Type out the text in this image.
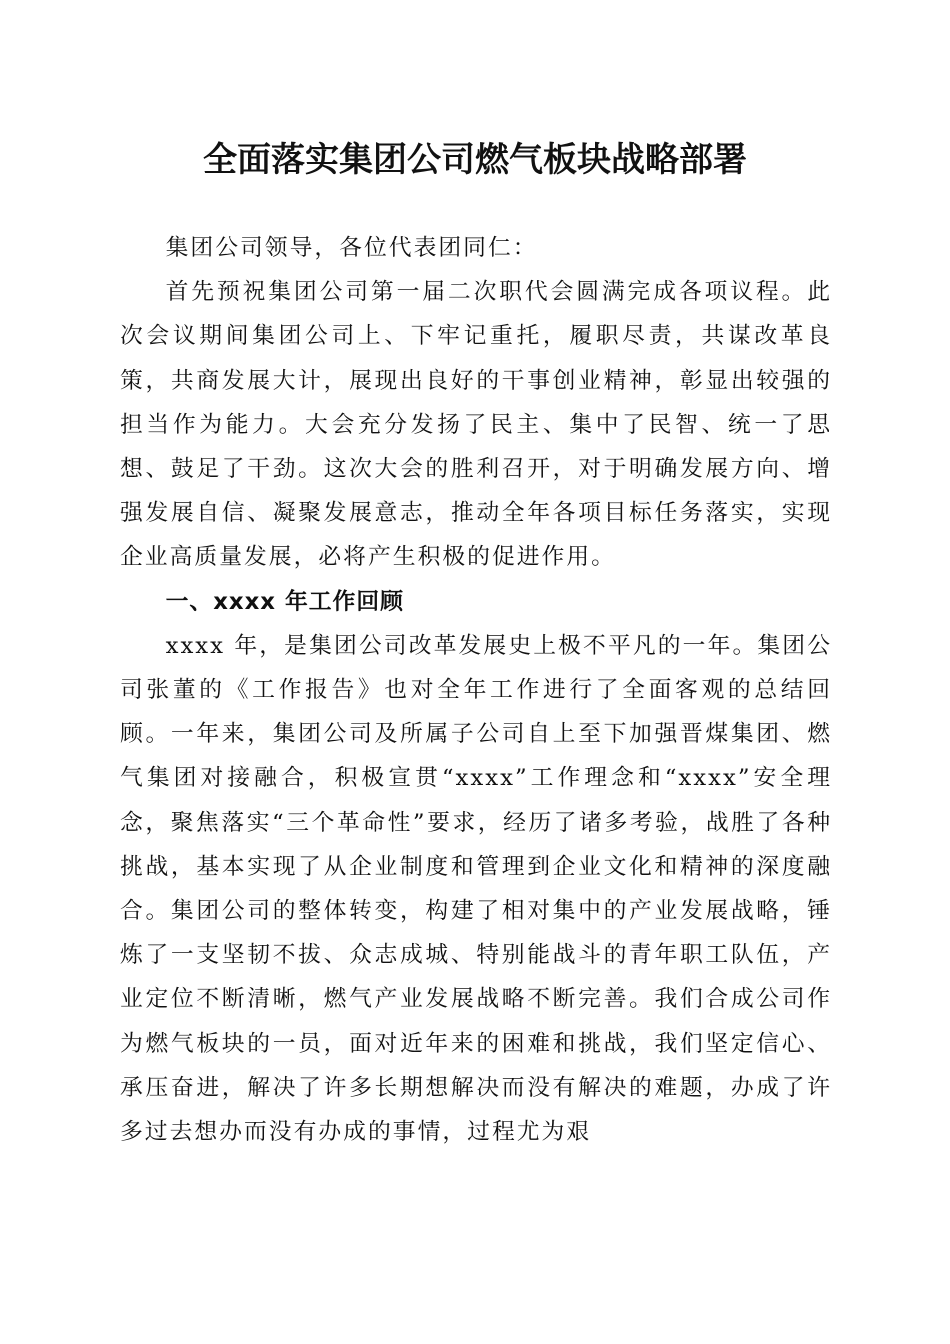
全面落实集团公司燃气板块战略部署

集团公司领导，各位代表团同仁：

首先预祝集团公司第一届二次职代会圆满完成各项议程。此次会议期间集团公司上、下牢记重托，履职尽责，共谋改革良策，共商发展大计，展现出良好的干事创业精神，彰显出较强的担当作为能力。大会充分发扬了民主、集中了民智、统一了思想、鼓足了干劲。这次大会的胜利召开，对于明确发展方向、增强发展自信、凝聚发展意志，推动全年各项目标任务落实，实现企业高质量发展，必将产生积极的促进作用。

一、xxxx 年工作回顾

xxxx 年，是集团公司改革发展史上极不平凡的一年。集团公司张董的《工作报告》也对全年工作进行了全面客观的总结回顾。一年来，集团公司及所属子公司自上至下加强晋煤集团、燃气集团对接融合，积极宣贯“xxxx”工作理念和“xxxx”安全理念，聚焦落实“三个革命性”要求，经历了诸多考验，战胜了各种挑战，基本实现了从企业制度和管理到企业文化和精神的深度融合。集团公司的整体转变，构建了相对集中的产业发展战略，锤炼了一支坚韧不拔、众志成城、特别能战斗的青年职工队伍，产业定位不断清晰，燃气产业发展战略不断完善。我们合成公司作为燃气板块的一员，面对近年来的困难和挑战，我们坚定信心、承压奋进，解决了许多长期想解决而没有解决的难题，办成了许多过去想办而没有办成的事情，过程尤为艰
